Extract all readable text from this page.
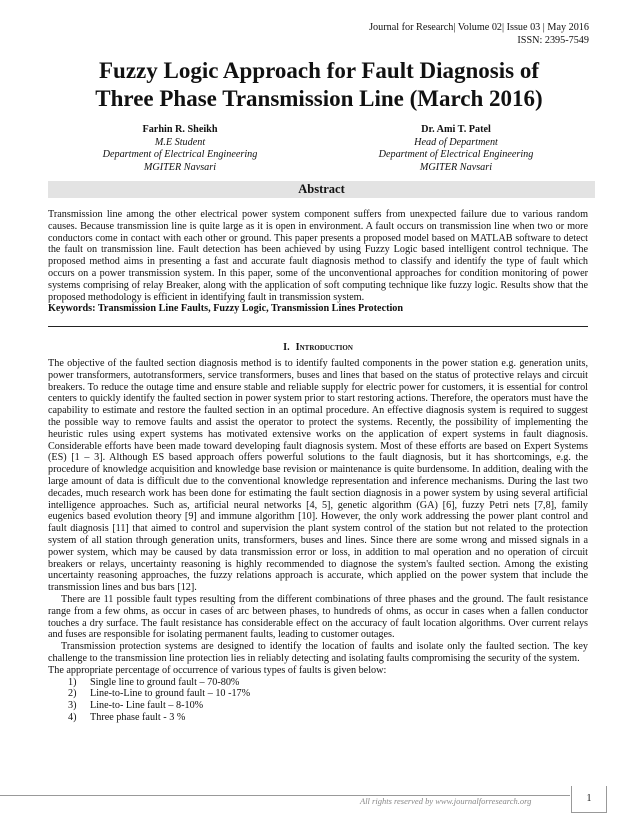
Journal for Research| Volume 02| Issue 03 | May 2016
ISSN: 2395-7549
Fuzzy Logic Approach for Fault Diagnosis of
Three Phase Transmission Line (March 2016)
Farhin R. Sheikh
M.E Student
Department of Electrical Engineering
MGITER Navsari
Dr. Ami T. Patel
Head of Department
Department of Electrical Engineering
MGITER Navsari
Abstract

Transmission line among the other electrical power system component suffers from unexpected failure due to various random causes. Because transmission line is quite large as it is open in environment. A fault occurs on transmission line when two or more conductors come in contact with each other or ground. This paper presents a proposed model based on MATLAB software to detect the fault on transmission line. Fault detection has been achieved by using Fuzzy Logic based intelligent control technique. The proposed method aims in presenting a fast and accurate fault diagnosis method to classify and identify the type of fault which occurs on a power transmission system. In this paper, some of the unconventional approaches for condition monitoring of power systems comprising of relay Breaker, along with the application of soft computing technique like fuzzy logic. Results show that the proposed methodology is efficient in identifying fault in transmission system.

Keywords: Transmission Line Faults, Fuzzy Logic, Transmission Lines Protection

I. Introduction

The objective of the faulted section diagnosis method is to identify faulted components in the power station e.g. generation units, power transformers, autotransformers, service transformers, buses and lines that based on the status of protective relays and circuit breakers. To reduce the outage time and ensure stable and reliable supply for electric power for customers, it is essential for control centers to quickly identify the faulted section in power system prior to start restoring actions. Therefore, the operators must have the capability to estimate and restore the faulted section in an optimal procedure. An effective diagnosis system is required to suggest the possible way to remove faults and assist the operator to protect the systems. Recently, the possibility of implementing the heuristic rules using expert systems has motivated extensive works on the application of expert systems in fault diagnosis. Considerable efforts have been made toward developing fault diagnosis system. Most of these efforts are based on Expert Systems (ES) [1 – 3]. Although ES based approach offers powerful solutions to the fault diagnosis, but it has shortcomings, e.g. the procedure of knowledge acquisition and knowledge base revision or maintenance is quite burdensome. In addition, dealing with the large amount of data is difficult due to the conventional knowledge representation and inference mechanisms. During the last two decades, much research work has been done for estimating the fault section diagnosis in a power system by using several artificial intelligence approaches. Such as, artificial neural networks [4, 5], genetic algorithm (GA) [6], fuzzy Petri nets [7,8], family eugenics based evolution theory [9] and immune algorithm [10]. However, the only work addressing the power plant control and fault diagnosis [11] that aimed to control and supervision the plant system control of the station but not related to the protection system of all station through generation units, transformers, buses and lines. Since there are some wrong and missed signals in a power system, which may be caused by data transmission error or loss, in addition to mal operation and no operation of circuit breakers or relays, uncertainty reasoning is highly recommended to diagnose the system's faulted section. Among the existing uncertainty reasoning approaches, the fuzzy relations approach is accurate, which applied on the power system that include the transmission lines and bus bars [12].

There are 11 possible fault types resulting from the different combinations of three phases and the ground. The fault resistance range from a few ohms, as occur in cases of arc between phases, to hundreds of ohms, as occur in cases when a fallen conductor touches a dry surface. The fault resistance has considerable effect on the accuracy of fault location algorithms. Over current relays and fuses are responsible for isolating permanent faults, leading to customer outages.

Transmission protection systems are designed to identify the location of faults and isolate only the faulted section. The key challenge to the transmission line protection lies in reliably detecting and isolating faults compromising the security of the system.

The appropriate percentage of occurrence of various types of faults is given below:

1) Single line to ground fault – 70-80%
2) Line-to-Line to ground fault – 10 -17%
3) Line-to- Line fault – 8-10%
4) Three phase fault - 3 %
All rights reserved by www.journalforresearch.org	1
